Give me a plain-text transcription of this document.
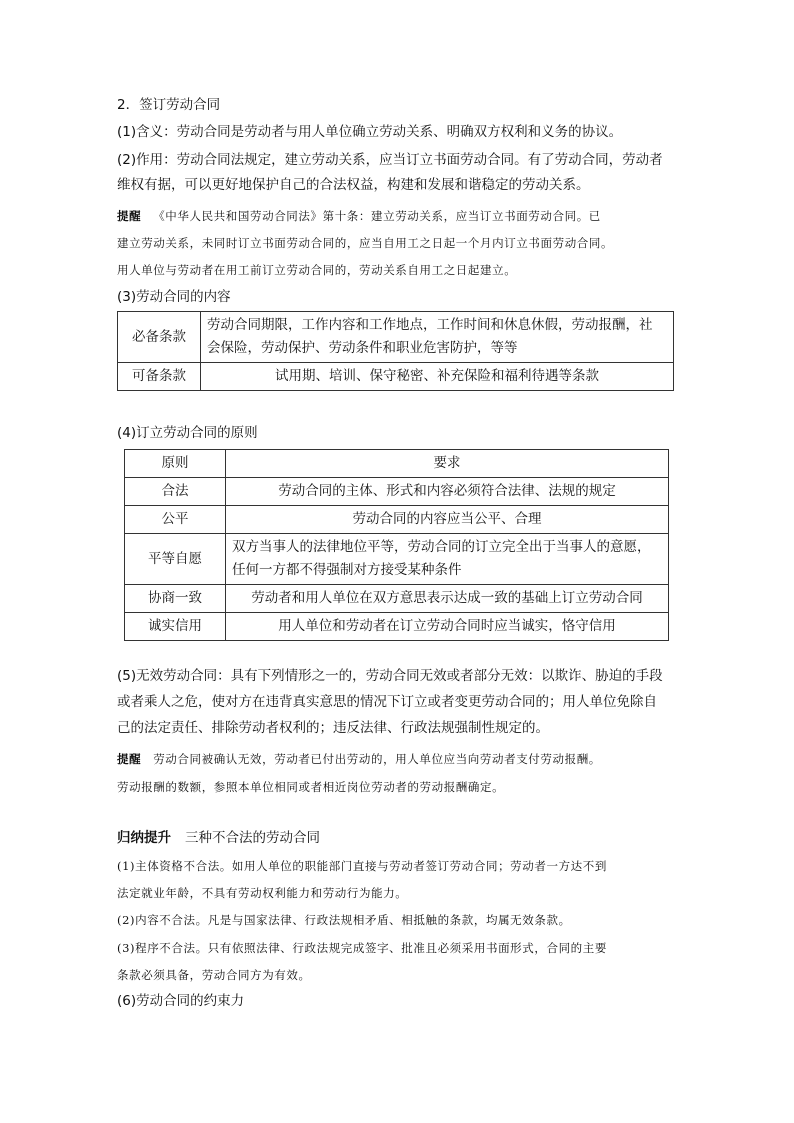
2．签订劳动合同
(1)含义：劳动合同是劳动者与用人单位确立劳动关系、明确双方权利和义务的协议。
(2)作用：劳动合同法规定，建立劳动关系，应当订立书面劳动合同。有了劳动合同，劳动者
维权有据，可以更好地保护自己的合法权益，构建和发展和谐稳定的劳动关系。
提醒 《中华人民共和国劳动合同法》第十条：建立劳动关系，应当订立书面劳动合同。已
建立劳动关系，未同时订立书面劳动合同的，应当自用工之日起一个月内订立书面劳动合同。
用人单位与劳动者在用工前订立劳动合同的，劳动关系自用工之日起建立。
(3)劳动合同的内容
必备条款	劳动合同期限，工作内容和工作地点，工作时间和休息休假，劳动报酬，社
会保险，劳动保护、劳动条件和职业危害防护，等等

可备条款	试用期、培训、保守秘密、补充保险和福利待遇等条款
(4)订立劳动合同的原则
原则	要求
合法	劳动合同的主体、形式和内容必须符合法律、法规的规定
公平	劳动合同的内容应当公平、合理
平等自愿	双方当事人的法律地位平等，劳动合同的订立完全出于当事人的意愿，
任何一方都不得强制对方接受某种条件

协商一致	劳动者和用人单位在双方意思表示达成一致的基础上订立劳动合同
诚实信用	用人单位和劳动者在订立劳动合同时应当诚实，恪守信用
(5)无效劳动合同：具有下列情形之一的，劳动合同无效或者部分无效：以欺诈、胁迫的手段
或者乘人之危，使对方在违背真实意思的情况下订立或者变更劳动合同的；用人单位免除自
己的法定责任、排除劳动者权利的；违反法律、行政法规强制性规定的。
提醒 劳动合同被确认无效，劳动者已付出劳动的，用人单位应当向劳动者支付劳动报酬。
劳动报酬的数额，参照本单位相同或者相近岗位劳动者的劳动报酬确定。
归纳提升 三种不合法的劳动合同
(1)主体资格不合法。如用人单位的职能部门直接与劳动者签订劳动合同；劳动者一方达不到
法定就业年龄，不具有劳动权利能力和劳动行为能力。
(2)内容不合法。凡是与国家法律、行政法规相矛盾、相抵触的条款，均属无效条款。
(3)程序不合法。只有依照法律、行政法规完成签字、批准且必须采用书面形式，合同的主要
条款必须具备，劳动合同方为有效。
(6)劳动合同的约束力
